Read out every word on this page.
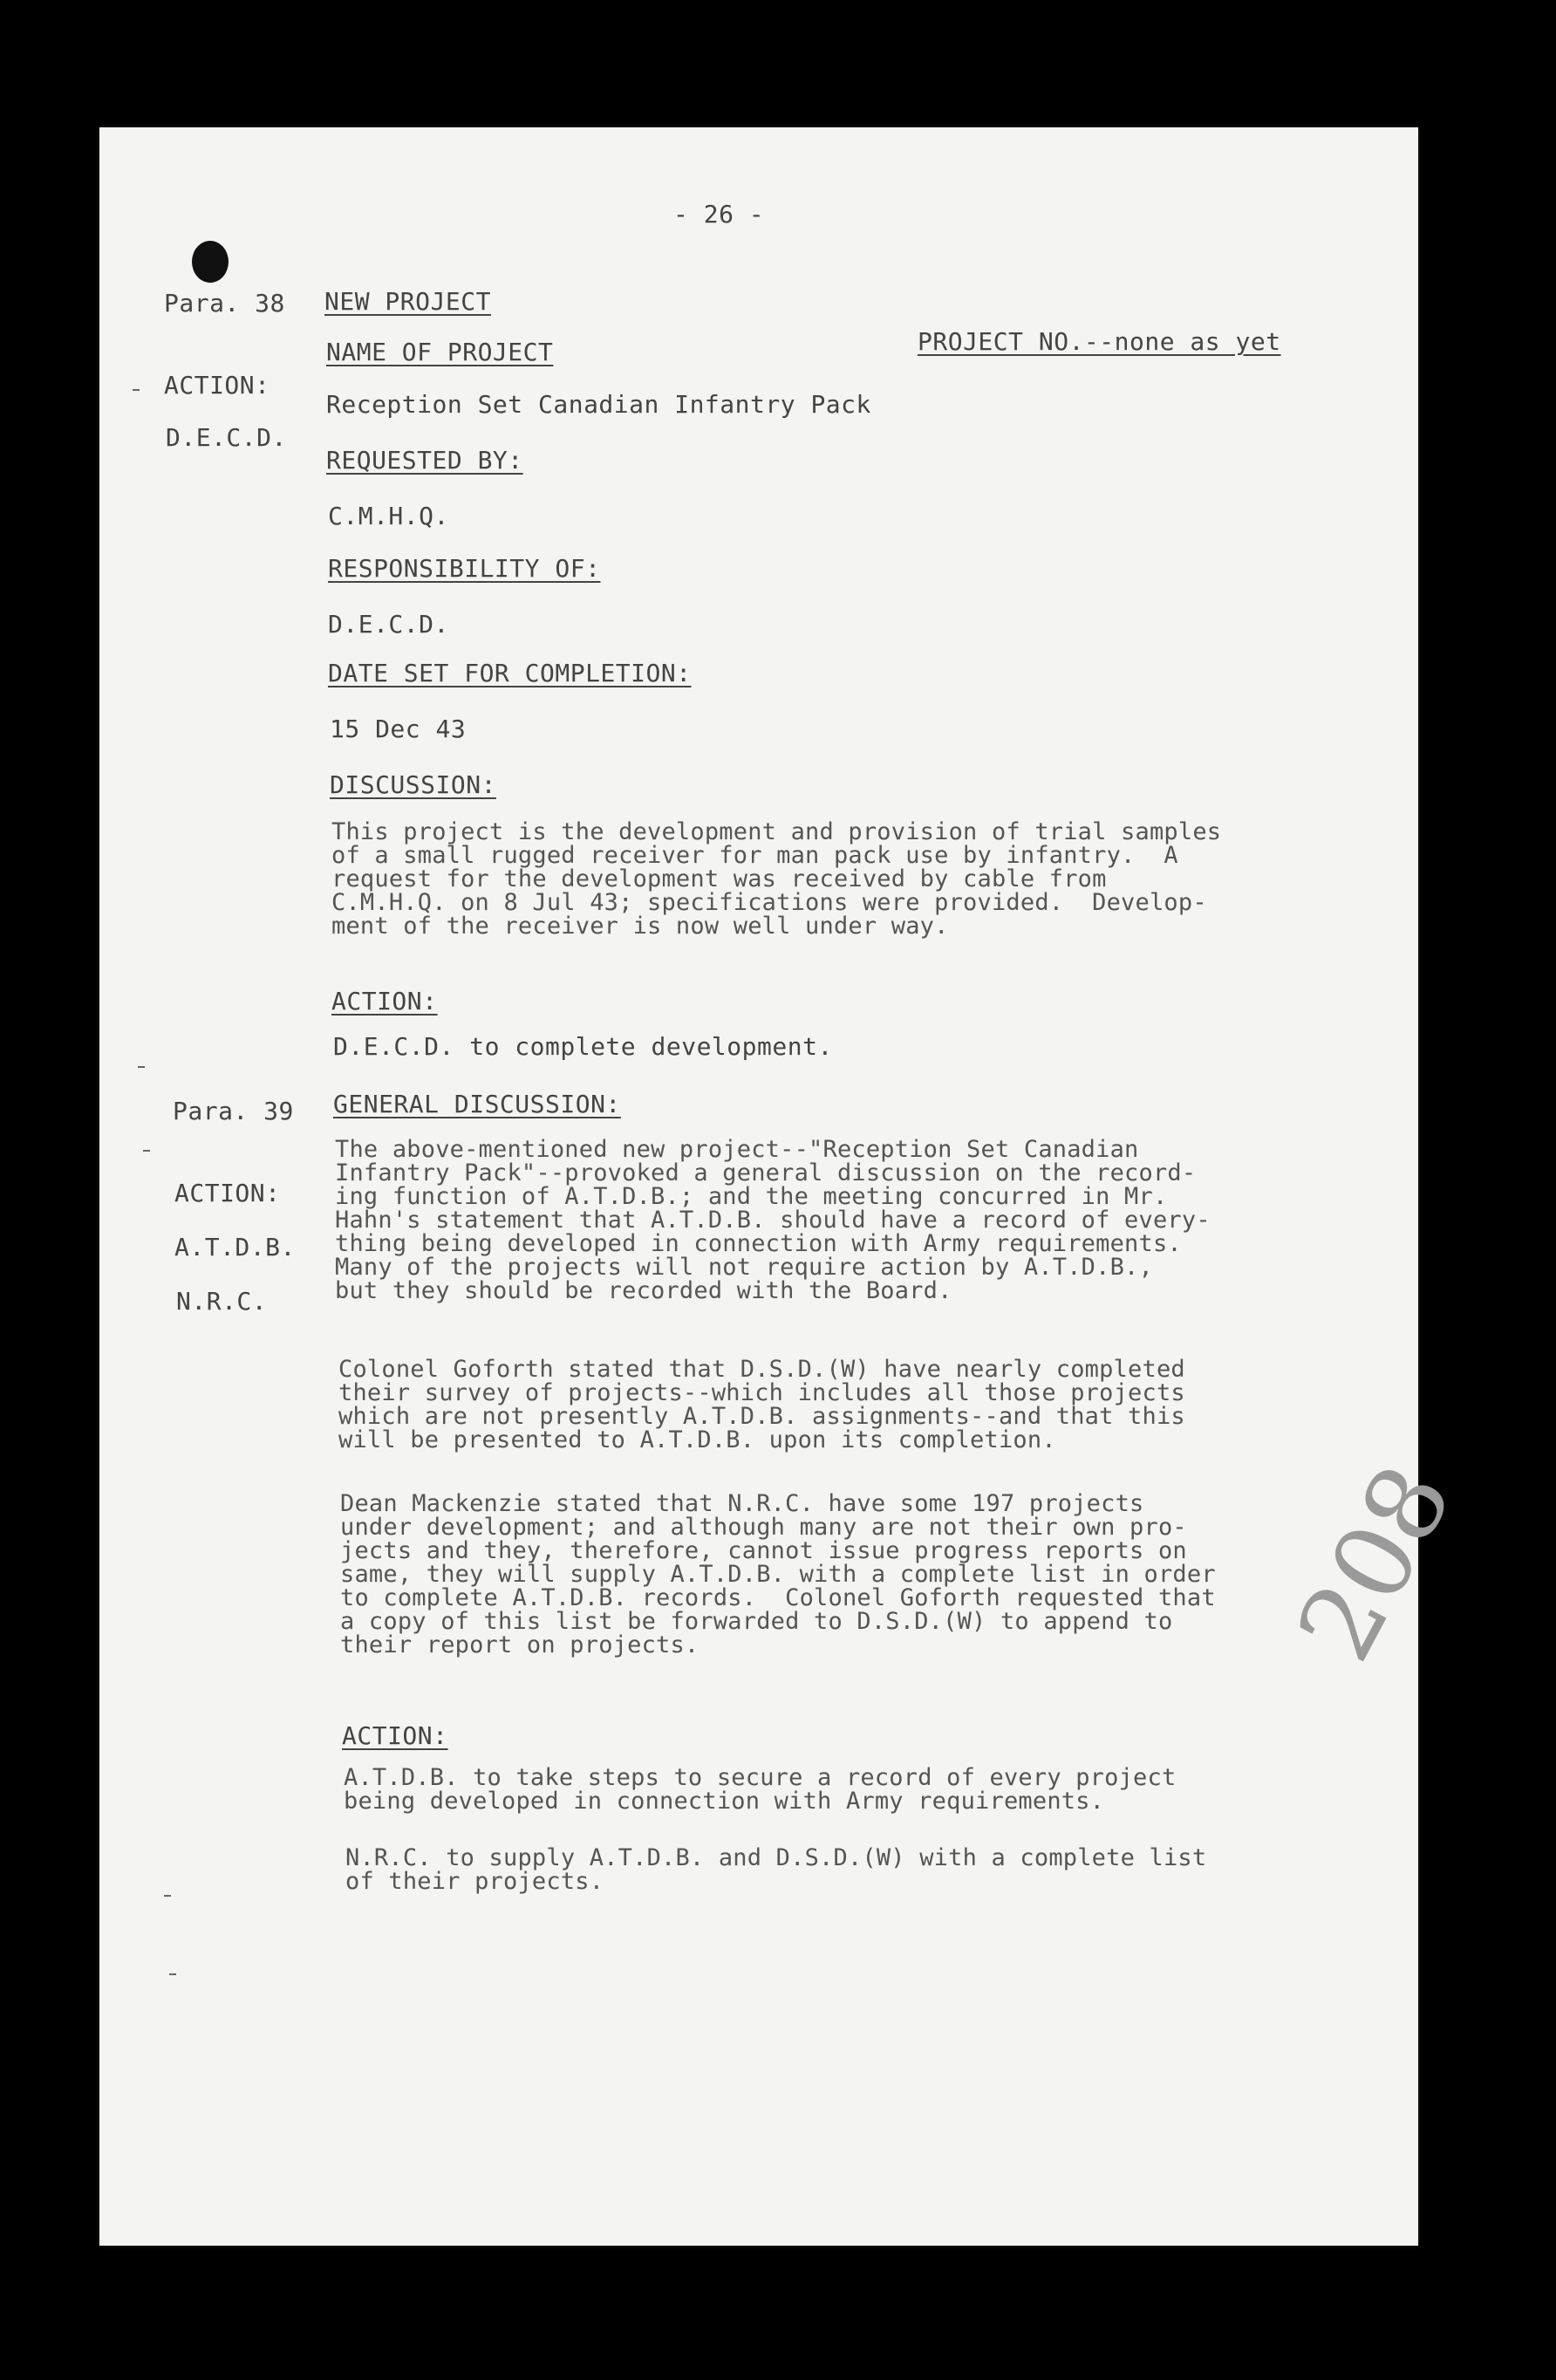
- 26 -
Para. 38 NEW PROJECT
PROJECT NO.--none as yet
ACTION:
D.E.C.D.
NAME OF PROJECT
Reception Set Canadian Infantry Pack
REQUESTED BY:
C.M.H.Q.
RESPONSIBILITY OF:
D.E.C.D.
DATE SET FOR COMPLETION:
15 Dec 43
DISCUSSION:
This project is the development and provision of trial samples
of a small rugged receiver for man pack use by infantry.  A
request for the development was received by cable from
C.M.H.Q. on 8 Jul 43; specifications were provided.  Develop-
ment of the receiver is now well under way.
ACTION:
D.E.C.D. to complete development.
Para. 39 GENERAL DISCUSSION:
ACTION:
A.T.D.B.
N.R.C.
The above-mentioned new project--"Reception Set Canadian
Infantry Pack"--provoked a general discussion on the record-
ing function of A.T.D.B.; and the meeting concurred in Mr.
Hahn's statement that A.T.D.B. should have a record of every-
thing being developed in connection with Army requirements.
Many of the projects will not require action by A.T.D.B.,
but they should be recorded with the Board.
Colonel Goforth stated that D.S.D.(W) have nearly completed
their survey of projects--which includes all those projects
which are not presently A.T.D.B. assignments--and that this
will be presented to A.T.D.B. upon its completion.
Dean Mackenzie stated that N.R.C. have some 197 projects
under development; and although many are not their own pro-
jects and they, therefore, cannot issue progress reports on
same, they will supply A.T.D.B. with a complete list in order
to complete A.T.D.B. records.  Colonel Goforth requested that
a copy of this list be forwarded to D.S.D.(W) to append to
their report on projects.
ACTION:
A.T.D.B. to take steps to secure a record of every project
being developed in connection with Army requirements.
N.R.C. to supply A.T.D.B. and D.S.D.(W) with a complete list
of their projects.
208
